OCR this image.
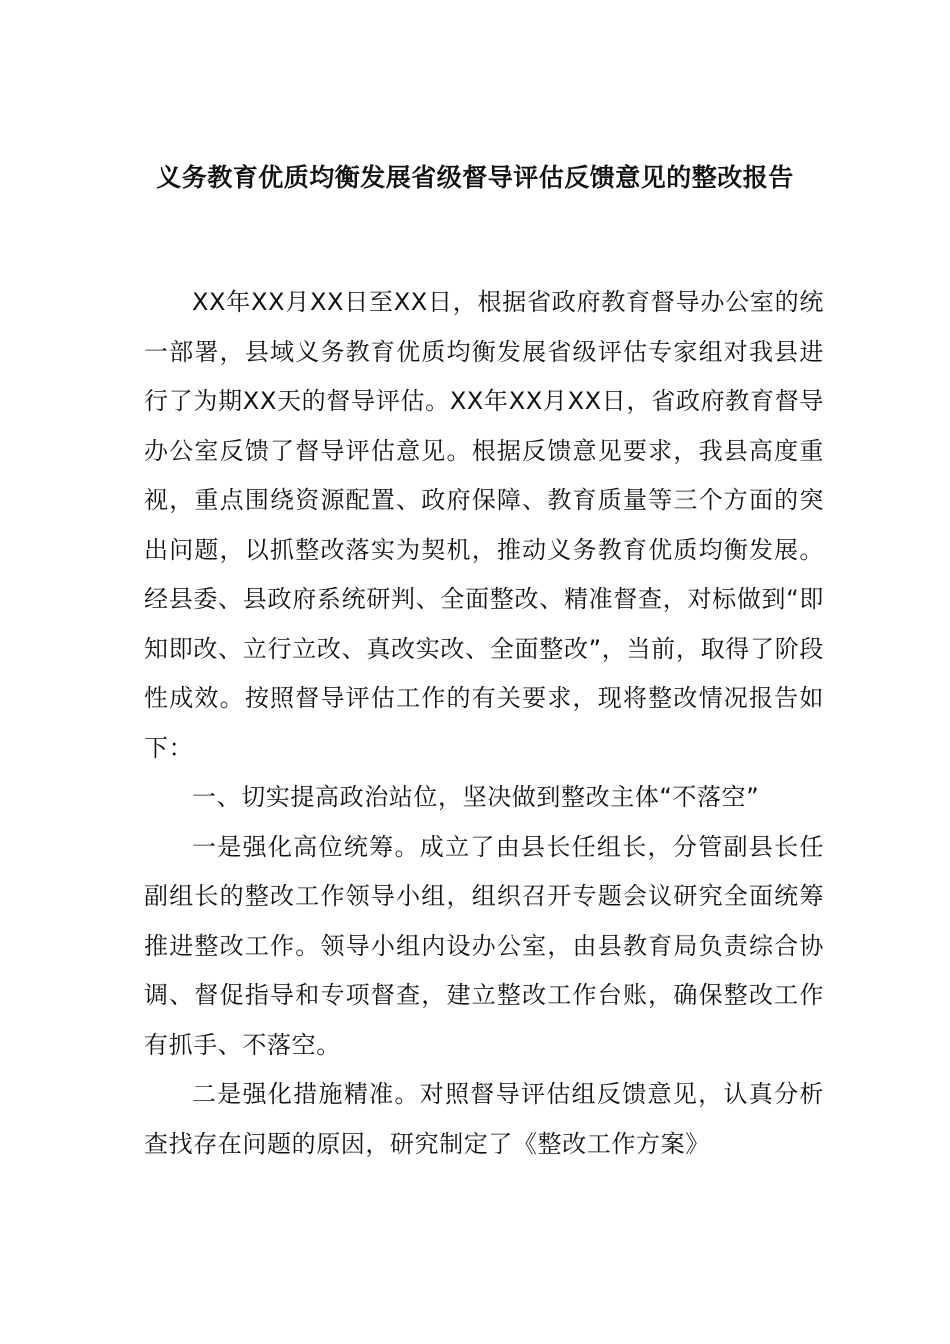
义务教育优质均衡发展省级督导评估反馈意见的整改报告

XX年XX月XX日至XX日，根据省政府教育督导办公室的统一部署，县域义务教育优质均衡发展省级评估专家组对我县进行了为期XX天的督导评估。XX年XX月XX日，省政府教育督导办公室反馈了督导评估意见。根据反馈意见要求，我县高度重视，重点围绕资源配置、政府保障、教育质量等三个方面的突出问题，以抓整改落实为契机，推动义务教育优质均衡发展。经县委、县政府系统研判、全面整改、精准督查，对标做到“即知即改、立行立改、真改实改、全面整改”，当前，取得了阶段性成效。按照督导评估工作的有关要求，现将整改情况报告如下：

一、切实提高政治站位，坚决做到整改主体“不落空”

一是强化高位统筹。成立了由县长任组长，分管副县长任副组长的整改工作领导小组，组织召开专题会议研究全面统筹推进整改工作。领导小组内设办公室，由县教育局负责综合协调、督促指导和专项督查，建立整改工作台账，确保整改工作有抓手、不落空。

二是强化措施精准。对照督导评估组反馈意见，认真分析查找存在问题的原因，研究制定了《整改工作方案》
